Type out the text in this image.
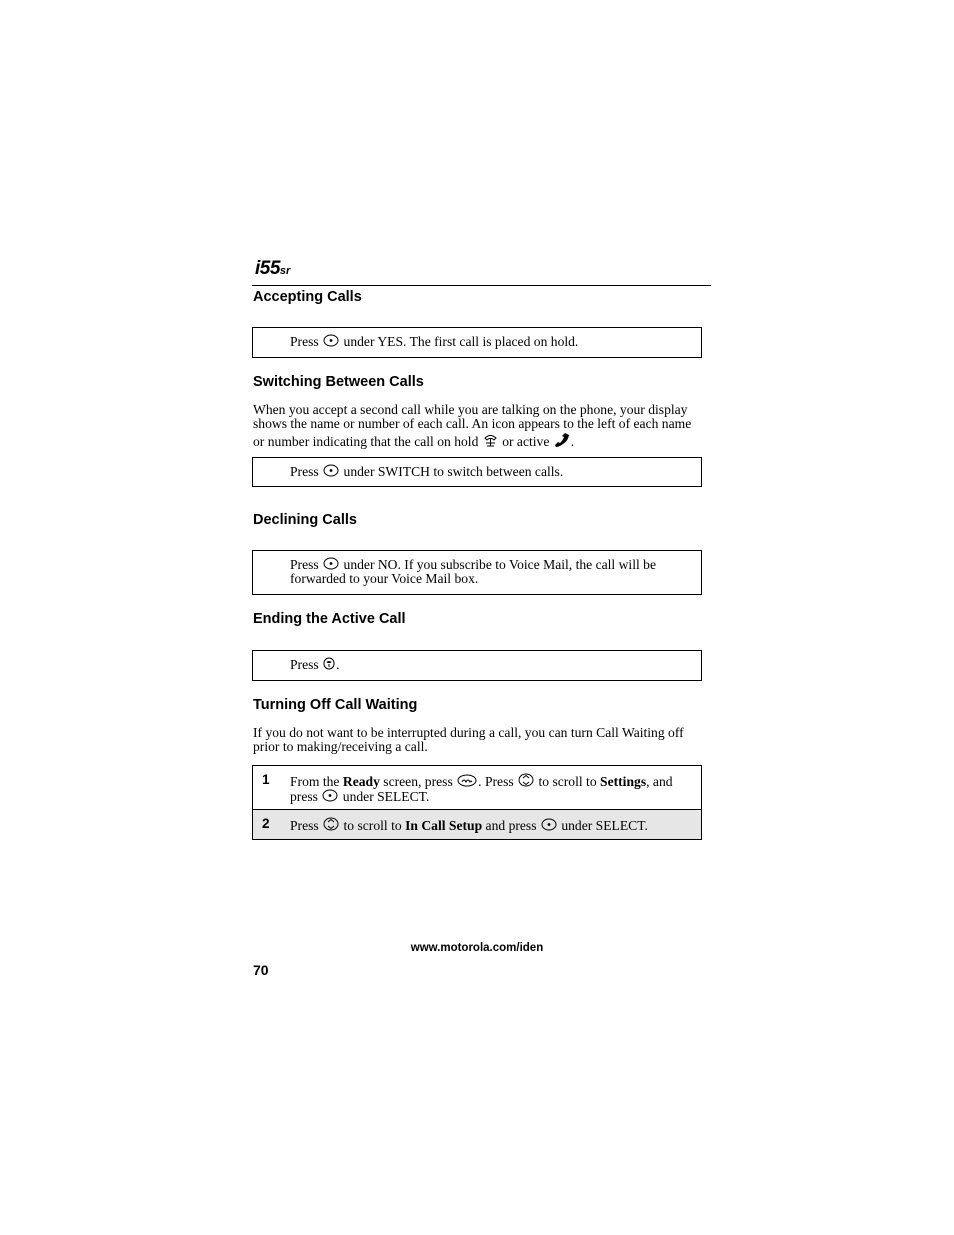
i55sr
Accepting Calls
Press under YES. The first call is placed on hold.
Switching Between Calls

When you accept a second call while you are talking on the phone, your display shows the name or number of each call. An icon appears to the left of each name or number indicating that the call on hold or active .

Press under SWITCH to switch between calls.
Declining Calls
Press under NO. If you subscribe to Voice Mail, the call will be forwarded to your Voice Mail box.
Ending the Active Call
Press .
Turning Off Call Waiting

If you do not want to be interrupted during a call, you can turn Call Waiting off prior to making/receiving a call.

1 From the Ready screen, press . Press to scroll to Settings, and press under SELECT.
2 Press to scroll to In Call Setup and press under SELECT.
www.motorola.com/iden
70
